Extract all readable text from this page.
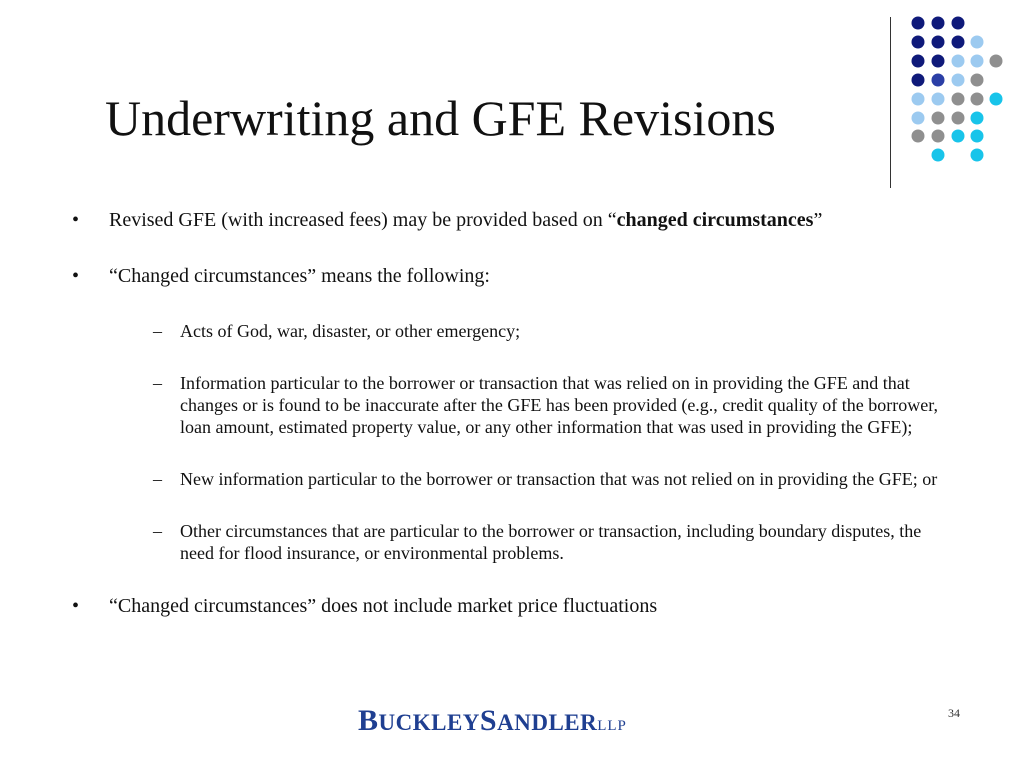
Underwriting and GFE Revisions
• Revised GFE (with increased fees) may be provided based on “changed circumstances”
• “Changed circumstances” means the following:
– Acts of God, war, disaster, or other emergency;
– Information particular to the borrower or transaction that was relied on in providing the GFE and that changes or is found to be inaccurate after the GFE has been provided (e.g., credit quality of the borrower, loan amount, estimated property value, or any other information that was used in providing the GFE);
– New information particular to the borrower or transaction that was not relied on in providing the GFE; or
– Other circumstances that are particular to the borrower or transaction, including boundary disputes, the need for flood insurance, or environmental problems.
• “Changed circumstances” does not include market price fluctuations
BUCKLEYSANDLERLLP
34
